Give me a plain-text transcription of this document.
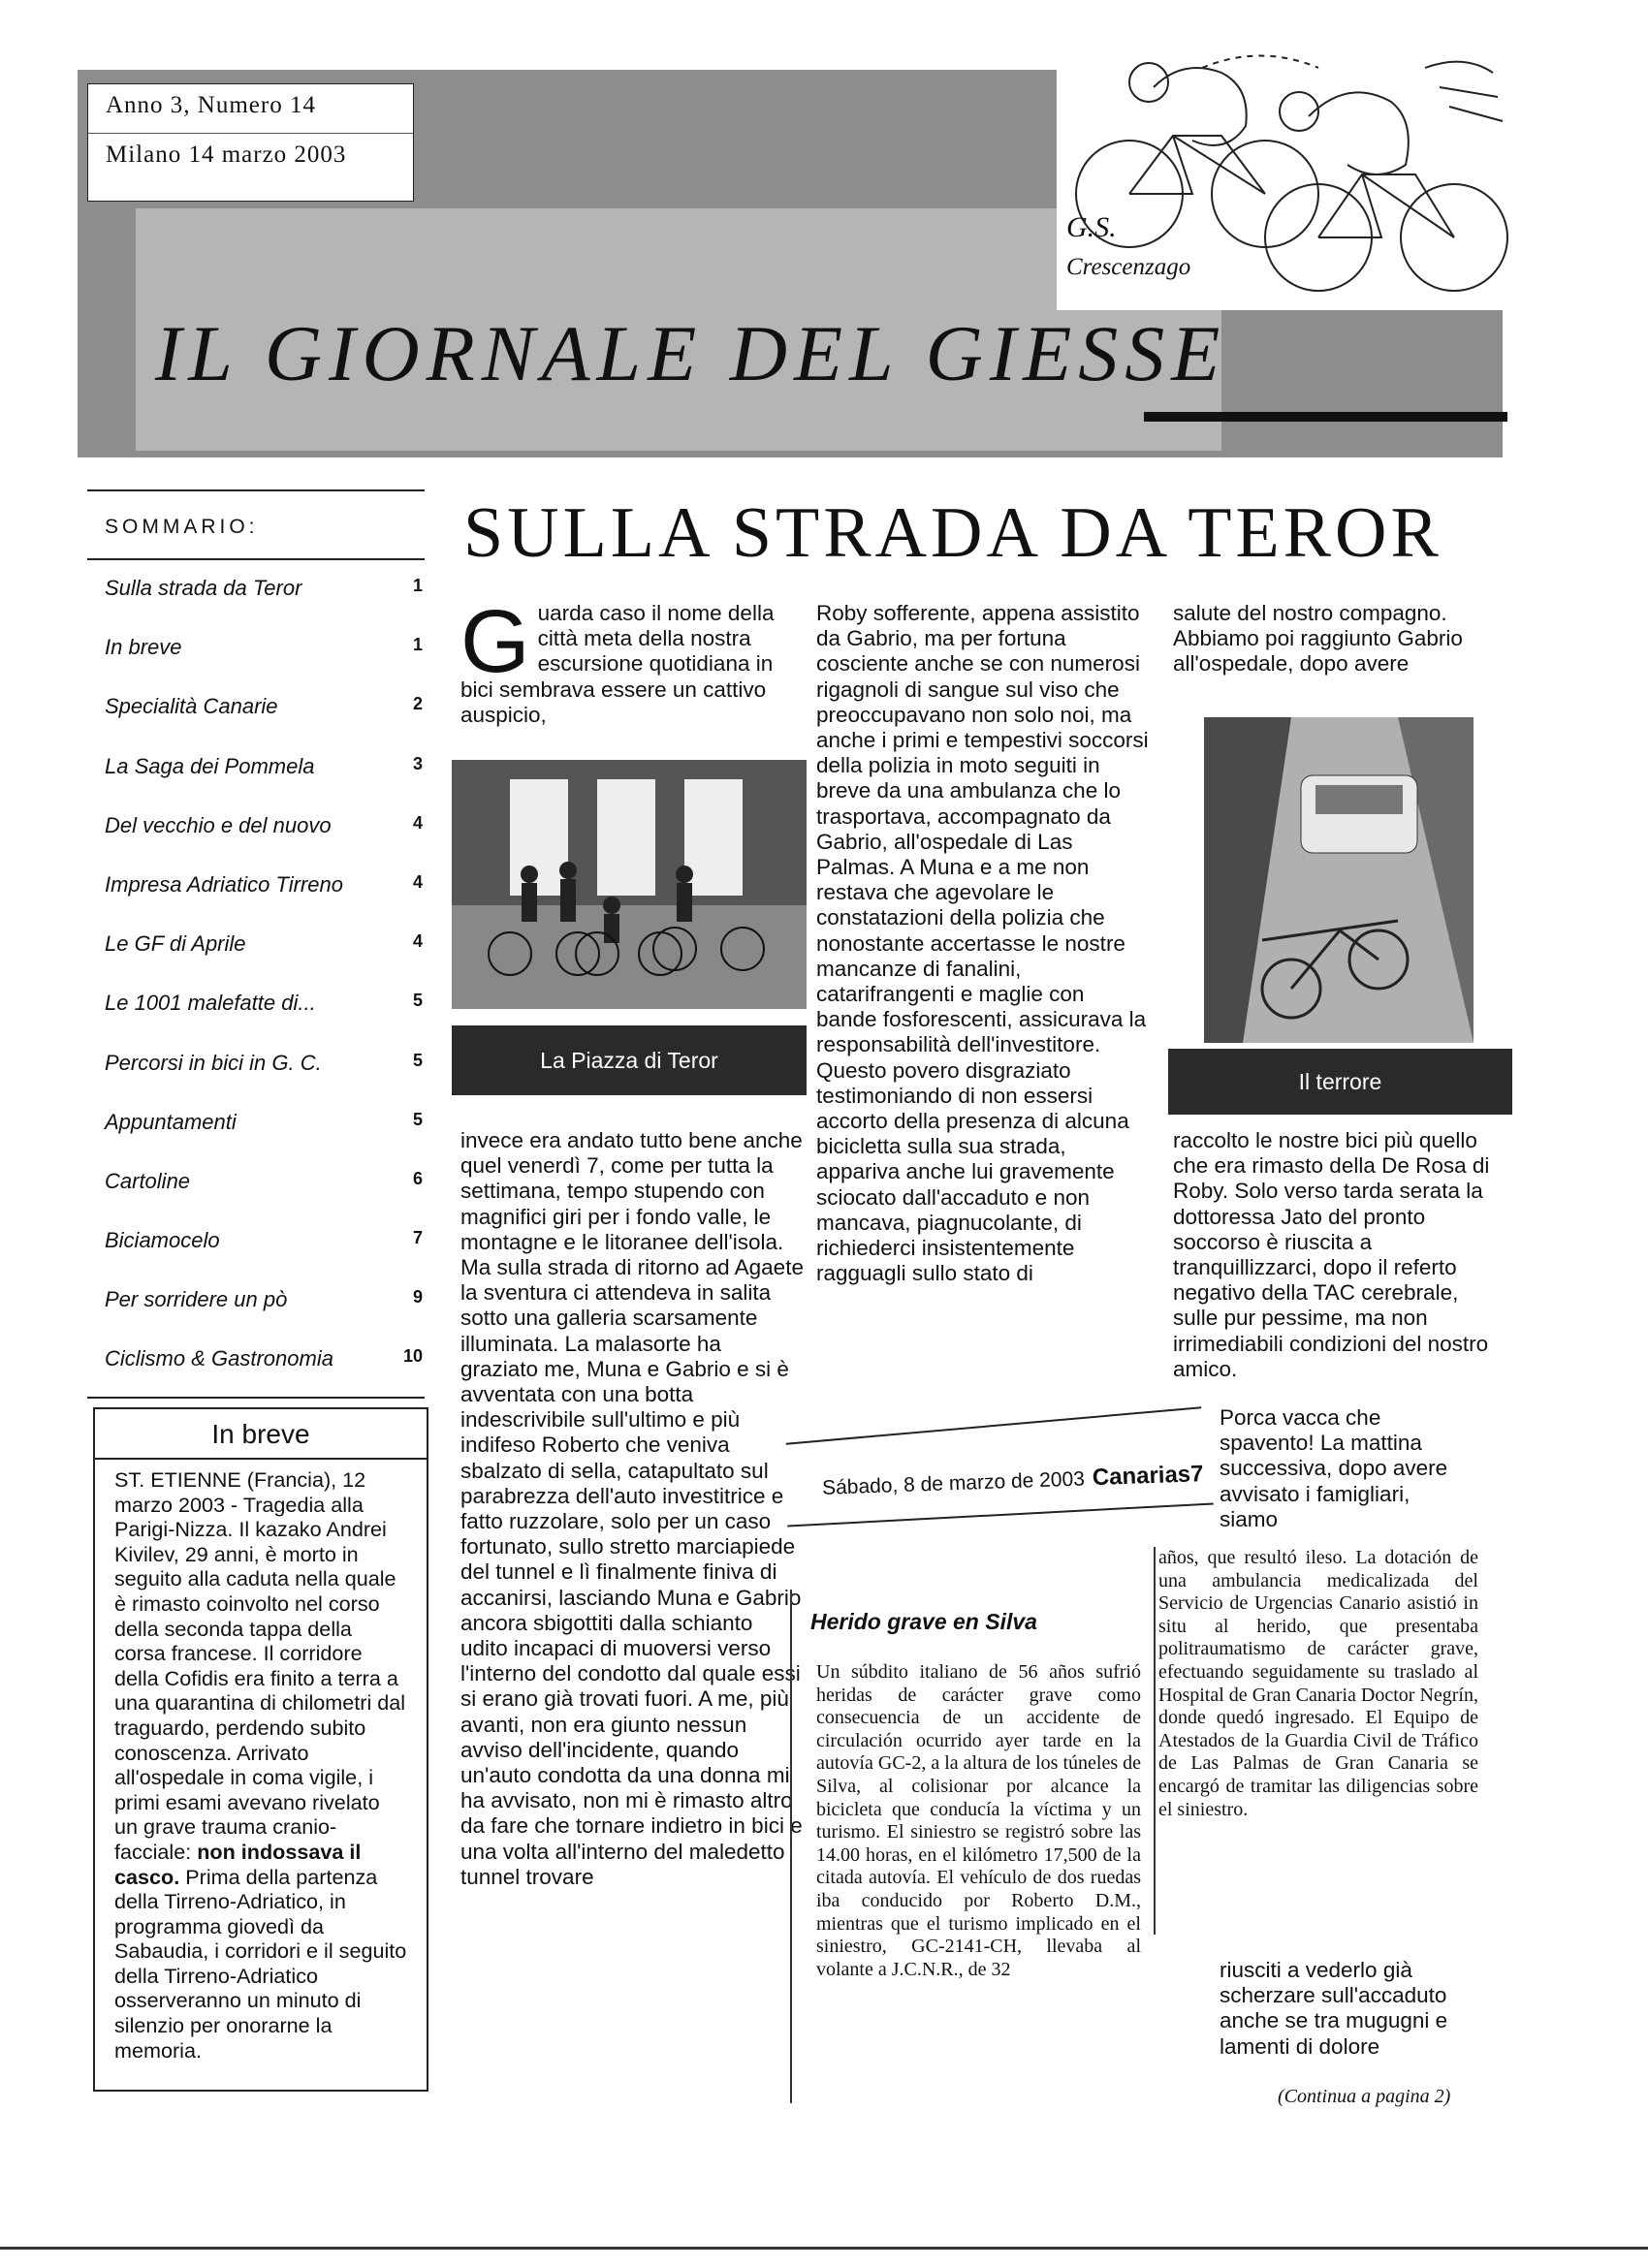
Anno 3, Numero 14
Milano 14 marzo 2003
G.S.
Crescenzago
IL GIORNALE DEL GIESSE
SOMMARIO:
Sulla strada da Teror	1
In breve	1
Specialità Canarie	2
La Saga dei Pommela	3
Del vecchio e del nuovo	4
Impresa Adriatico Tirreno	4
Le GF di Aprile	4
Le 1001 malefatte di...	5
Percorsi in bici in G. C.	5
Appuntamenti	5
Cartoline	6
Biciamocelo	7
Per sorridere un pò	9
Ciclismo & Gastronomia	10
In breve
ST. ETIENNE (Francia), 12 marzo 2003 - Tragedia alla Parigi-Nizza. Il kazako Andrei Kivilev, 29 anni, è morto in seguito alla caduta nella quale è rimasto coinvolto nel corso della seconda tappa della corsa francese. Il corridore della Cofidis era finito a terra a una quarantina di chilometri dal traguardo, perdendo subito conoscenza. Arrivato all'ospedale in coma vigile, i primi esami avevano rivelato un grave trauma cranio-facciale: non indossava il casco. Prima della partenza della Tirreno-Adriatico, in programma giovedì da Sabaudia, i corridori e il seguito della Tirreno-Adriatico osserveranno un minuto di silenzio per onorarne la memoria.
SULLA STRADA DA TEROR
Guarda caso il nome della città meta della nostra escursione quotidiana in bici sembrava essere un cattivo auspicio,
La Piazza di Teror
invece era andato tutto bene anche quel venerdì 7, come per tutta la settimana, tempo stupendo con magnifici giri per i fondo valle, le montagne e le litoranee dell'isola. Ma sulla strada di ritorno ad Agaete la sventura ci attendeva in salita sotto una galleria scarsamente illuminata. La malasorte ha graziato me, Muna e Gabrio e si è avventata con una botta indescrivibile sull'ultimo e più indifeso Roberto che veniva sbalzato di sella, catapultato sul parabrezza dell'auto investitrice e fatto ruzzolare, solo per un caso fortunato, sullo stretto marciapiede del tunnel e lì finalmente finiva di accanirsi, lasciando Muna e Gabrio ancora sbigottiti dalla schianto udito incapaci di muoversi verso l'interno del condotto dal quale essi si erano già trovati fuori. A me, più avanti, non era giunto nessun avviso dell'incidente, quando un'auto condotta da una donna mi ha avvisato, non mi è rimasto altro da fare che tornare indietro in bici e una volta all'interno del maledetto tunnel trovare
Roby sofferente, appena assistito da Gabrio, ma per fortuna cosciente anche se con numerosi rigagnoli di sangue sul viso che preoccupavano non solo noi, ma anche i primi e tempestivi soccorsi della polizia in moto seguiti in breve da una ambulanza che lo trasportava, accompagnato da Gabrio, all'ospedale di Las Palmas. A Muna e a me non restava che agevolare le constatazioni della polizia che nonostante accertasse le nostre mancanze di fanalini, catarifrangenti e maglie con bande fosforescenti, assicurava la responsabilità dell'investitore. Questo povero disgraziato testimoniando di non essersi accorto della presenza di alcuna bicicletta sulla sua strada, appariva anche lui gravemente sciocato dall'accaduto e non mancava, piagnucolante, di richiederci insistentemente ragguagli sullo stato di
salute del nostro compagno. Abbiamo poi raggiunto Gabrio all'ospedale, dopo avere
Il terrore
raccolto le nostre bici più quello che era rimasto della De Rosa di Roby. Solo verso tarda serata la dottoressa Jato del pronto soccorso è riuscita a tranquillizzarci, dopo il referto negativo della TAC cerebrale, sulle pur pessime, ma non irrimediabili condizioni del nostro amico.
Porca vacca che spavento! La mattina successiva, dopo avere avvisato i famigliari, siamo
Sábado, 8 de marzo de 2003 Canarias7
Herido grave en Silva
Un súbdito italiano de 56 años sufrió heridas de carácter grave como consecuencia de un accidente de circulación ocurrido ayer tarde en la autovía GC-2, a la altura de los túneles de Silva, al colisionar por alcance la bicicleta que conducía la víctima y un turismo. El siniestro se registró sobre las 14.00 horas, en el kilómetro 17,500 de la citada autovía. El vehículo de dos ruedas iba conducido por Roberto D.M., mientras que el turismo implicado en el siniestro, GC-2141-CH, llevaba al volante a J.C.N.R., de 32
años, que resultó ileso. La dotación de una ambulancia medicalizada del Servicio de Urgencias Canario asistió in situ al herido, que presentaba politraumatismo de carácter grave, efectuando seguidamente su traslado al Hospital de Gran Canaria Doctor Negrín, donde quedó ingresado. El Equipo de Atestados de la Guardia Civil de Tráfico de Las Palmas de Gran Canaria se encargó de tramitar las diligencias sobre el siniestro.
riusciti a vederlo già scherzare sull'accaduto anche se tra mugugni e lamenti di dolore
(Continua a pagina 2)
